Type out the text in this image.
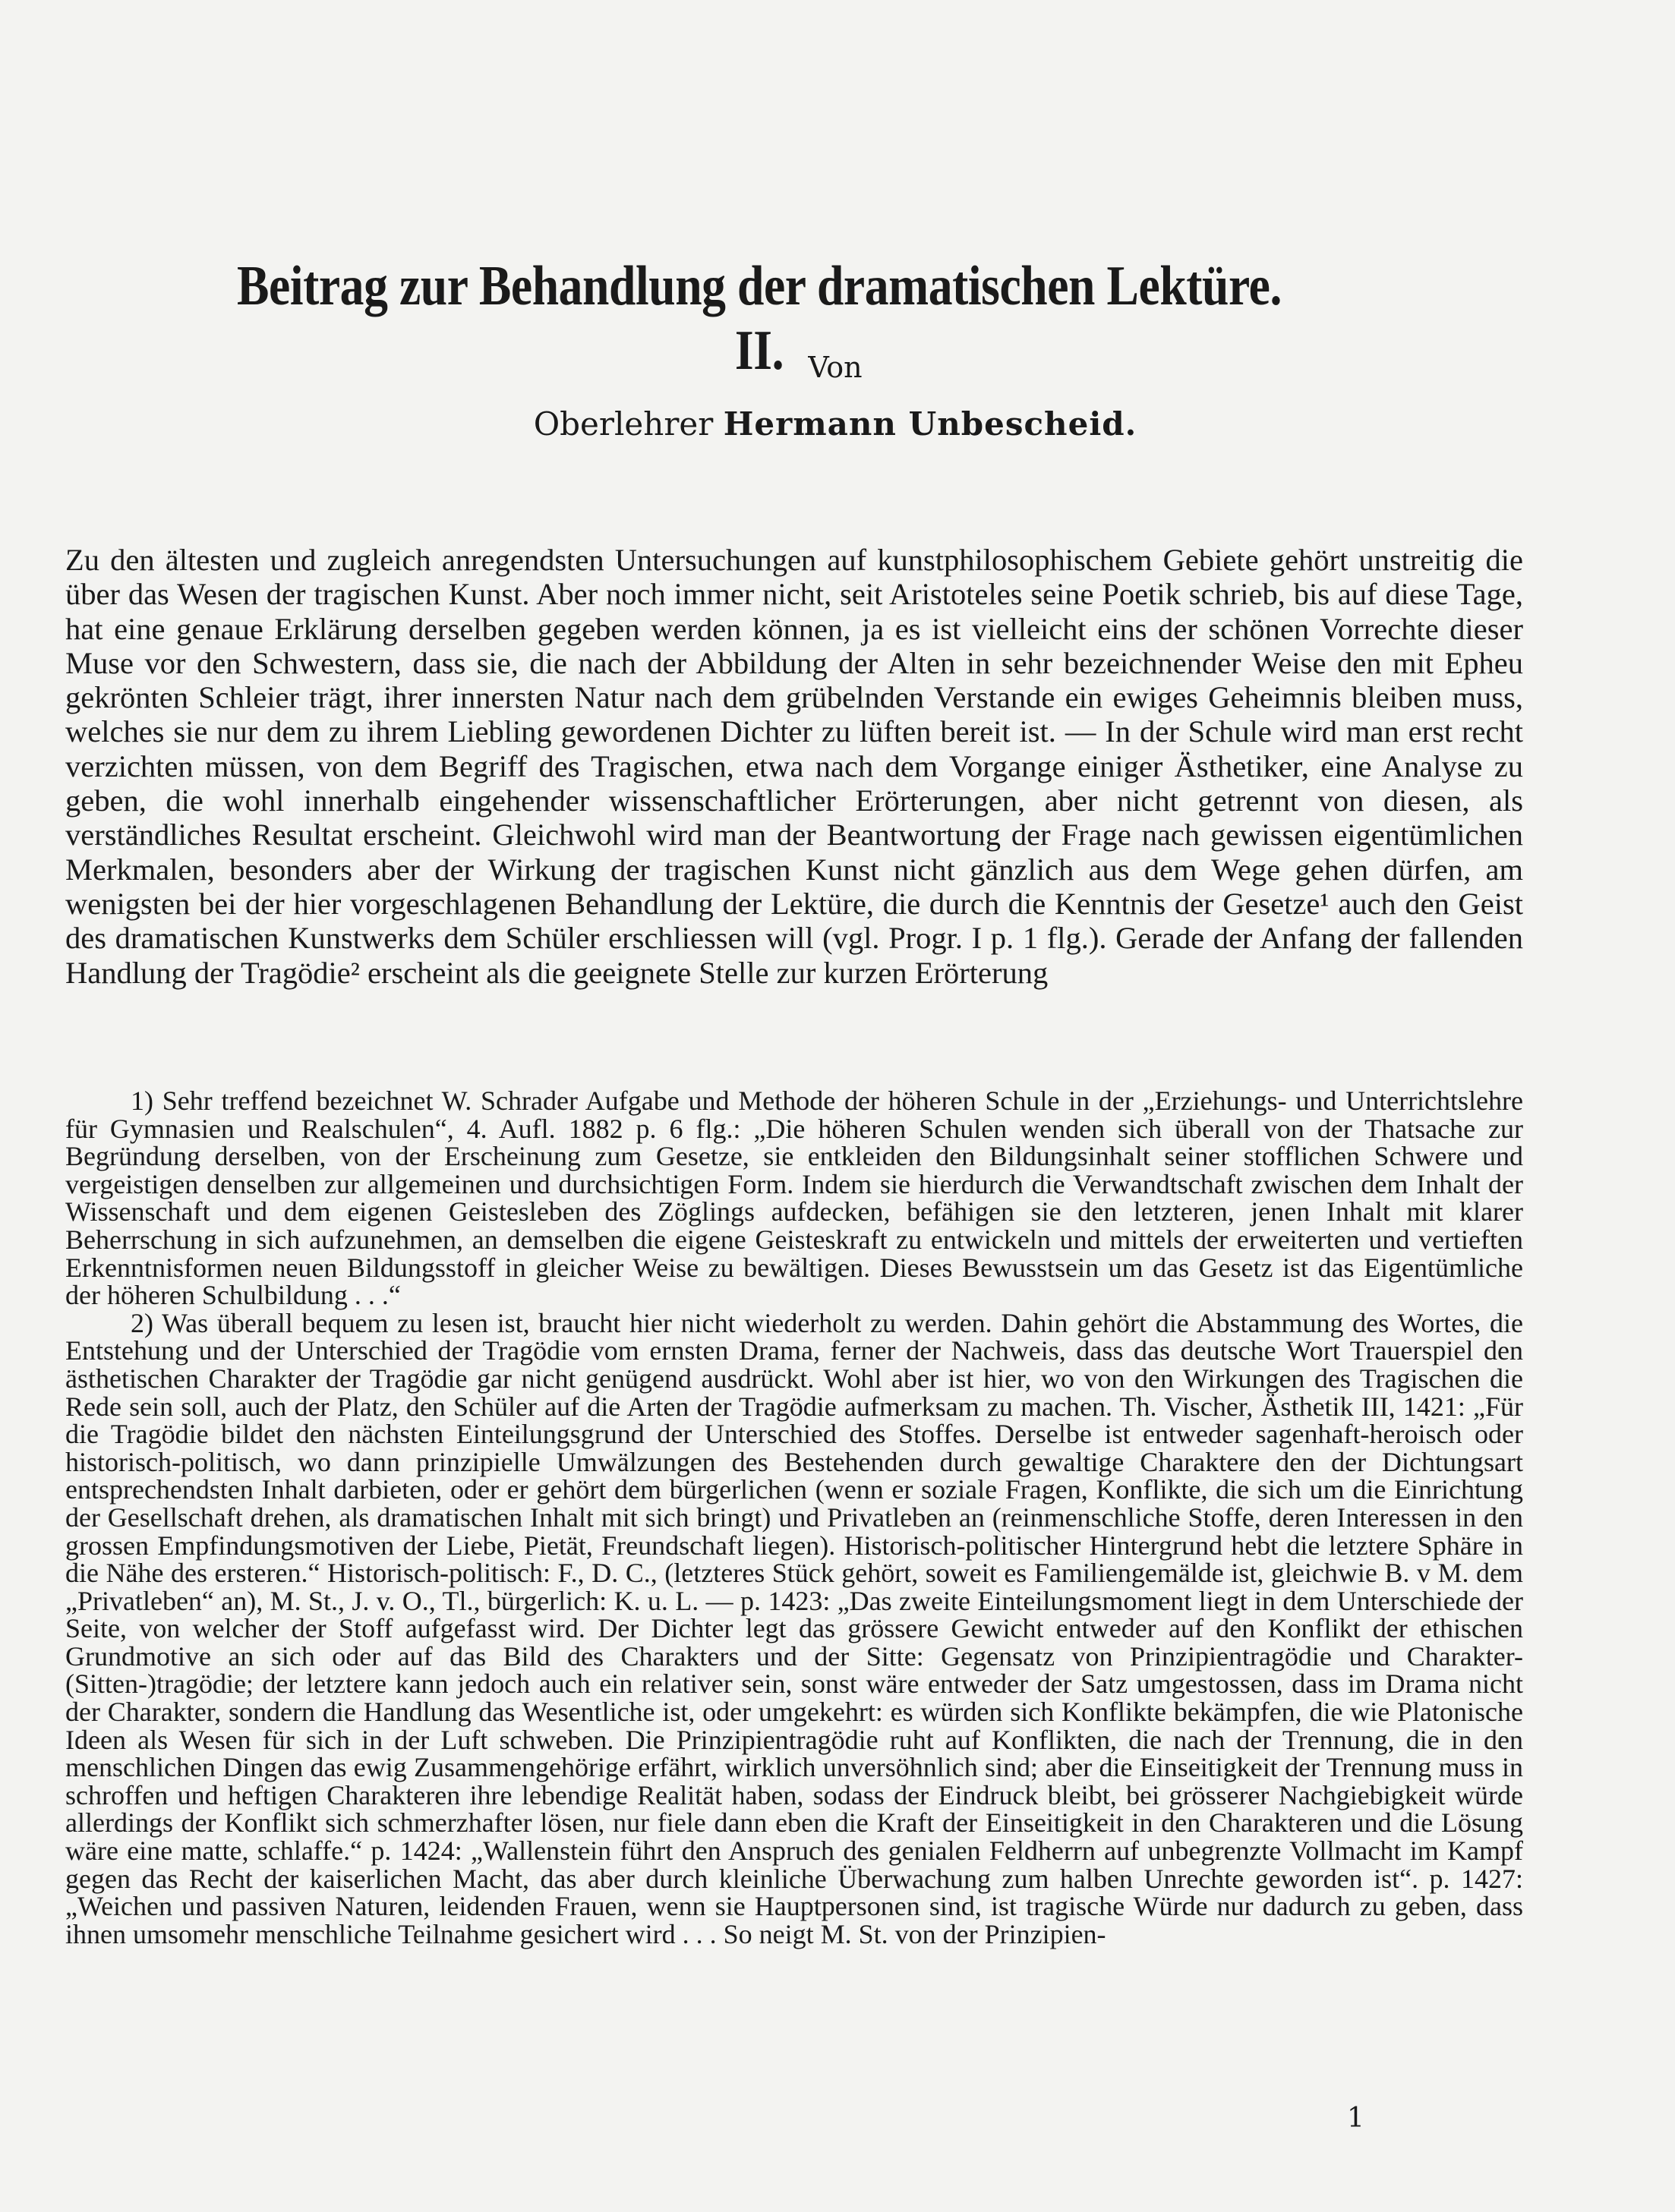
Beitrag zur Behandlung der dramatischen Lektüre. II. Von

Oberlehrer Hermann Unbescheid.

Zu den ältesten und zugleich anregendsten Untersuchungen auf kunstphilosophischem Gebiete gehört unstreitig die über das Wesen der tragischen Kunst. Aber noch immer nicht, seit Aristoteles seine Poetik schrieb, bis auf diese Tage, hat eine genaue Erklärung derselben gegeben werden können, ja es ist vielleicht eins der schönen Vorrechte dieser Muse vor den Schwestern, dass sie, die nach der Abbildung der Alten in sehr bezeichnender Weise den mit Epheu gekrönten Schleier trägt, ihrer innersten Natur nach dem grübelnden Verstande ein ewiges Geheimnis bleiben muss, welches sie nur dem zu ihrem Liebling gewordenen Dichter zu lüften bereit ist. — In der Schule wird man erst recht verzichten müssen, von dem Begriff des Tragischen, etwa nach dem Vorgange einiger Ästhetiker, eine Analyse zu geben, die wohl innerhalb eingehender wissenschaftlicher Erörterungen, aber nicht getrennt von diesen, als verständliches Resultat erscheint. Gleichwohl wird man der Beantwortung der Frage nach gewissen eigentümlichen Merkmalen, besonders aber der Wirkung der tragischen Kunst nicht gänzlich aus dem Wege gehen dürfen, am wenigsten bei der hier vorgeschlagenen Behandlung der Lektüre, die durch die Kenntnis der Gesetze¹ auch den Geist des dramatischen Kunstwerks dem Schüler erschliessen will (vgl. Progr. I p. 1 flg.). Gerade der Anfang der fallenden Handlung der Tragödie² erscheint als die geeignete Stelle zur kurzen Erörterung

1) Sehr treffend bezeichnet W. Schrader Aufgabe und Methode der höheren Schule in der „Erziehungs- und Unterrichtslehre für Gymnasien und Realschulen“, 4. Aufl. 1882 p. 6 flg.: „Die höheren Schulen wenden sich überall von der Thatsache zur Begründung derselben, von der Erscheinung zum Gesetze, sie entkleiden den Bildungsinhalt seiner stofflichen Schwere und vergeistigen denselben zur allgemeinen und durchsichtigen Form. Indem sie hierdurch die Verwandtschaft zwischen dem Inhalt der Wissenschaft und dem eigenen Geistesleben des Zöglings aufdecken, befähigen sie den letzteren, jenen Inhalt mit klarer Beherrschung in sich aufzunehmen, an demselben die eigene Geisteskraft zu entwickeln und mittels der erweiterten und vertieften Erkenntnisformen neuen Bildungsstoff in gleicher Weise zu bewältigen. Dieses Bewusstsein um das Gesetz ist das Eigentümliche der höheren Schulbildung . . .“

2) Was überall bequem zu lesen ist, braucht hier nicht wiederholt zu werden. Dahin gehört die Abstammung des Wortes, die Entstehung und der Unterschied der Tragödie vom ernsten Drama, ferner der Nachweis, dass das deutsche Wort Trauerspiel den ästhetischen Charakter der Tragödie gar nicht genügend ausdrückt. Wohl aber ist hier, wo von den Wirkungen des Tragischen die Rede sein soll, auch der Platz, den Schüler auf die Arten der Tragödie aufmerksam zu machen. Th. Vischer, Ästhetik III, 1421: „Für die Tragödie bildet den nächsten Einteilungsgrund der Unterschied des Stoffes. Derselbe ist entweder sagenhaft-heroisch oder historisch-politisch, wo dann prinzipielle Umwälzungen des Bestehenden durch gewaltige Charaktere den der Dichtungsart entsprechendsten Inhalt darbieten, oder er gehört dem bürgerlichen (wenn er soziale Fragen, Konflikte, die sich um die Einrichtung der Gesellschaft drehen, als dramatischen Inhalt mit sich bringt) und Privatleben an (reinmenschliche Stoffe, deren Interessen in den grossen Empfindungsmotiven der Liebe, Pietät, Freundschaft liegen). Historisch-politischer Hintergrund hebt die letztere Sphäre in die Nähe des ersteren.“ Historisch-politisch: F., D. C., (letzteres Stück gehört, soweit es Familiengemälde ist, gleichwie B. v M. dem „Privatleben“ an), M. St., J. v. O., Tl., bürgerlich: K. u. L. — p. 1423: „Das zweite Einteilungsmoment liegt in dem Unterschiede der Seite, von welcher der Stoff aufgefasst wird. Der Dichter legt das grössere Gewicht entweder auf den Konflikt der ethischen Grundmotive an sich oder auf das Bild des Charakters und der Sitte: Gegensatz von Prinzipientragödie und Charakter-(Sitten-)tragödie; der letztere kann jedoch auch ein relativer sein, sonst wäre entweder der Satz umgestossen, dass im Drama nicht der Charakter, sondern die Handlung das Wesentliche ist, oder umgekehrt: es würden sich Konflikte bekämpfen, die wie Platonische Ideen als Wesen für sich in der Luft schweben. Die Prinzipientragödie ruht auf Konflikten, die nach der Trennung, die in den menschlichen Dingen das ewig Zusammengehörige erfährt, wirklich unversöhnlich sind; aber die Einseitigkeit der Trennung muss in schroffen und heftigen Charakteren ihre lebendige Realität haben, sodass der Eindruck bleibt, bei grösserer Nachgiebigkeit würde allerdings der Konflikt sich schmerzhafter lösen, nur fiele dann eben die Kraft der Einseitigkeit in den Charakteren und die Lösung wäre eine matte, schlaffe.“ p. 1424: „Wallenstein führt den Anspruch des genialen Feldherrn auf unbegrenzte Vollmacht im Kampf gegen das Recht der kaiserlichen Macht, das aber durch kleinliche Überwachung zum halben Unrechte geworden ist“. p. 1427: „Weichen und passiven Naturen, leidenden Frauen, wenn sie Hauptpersonen sind, ist tragische Würde nur dadurch zu geben, dass ihnen umsomehr menschliche Teilnahme gesichert wird . . . So neigt M. St. von der Prinzipien-

1
